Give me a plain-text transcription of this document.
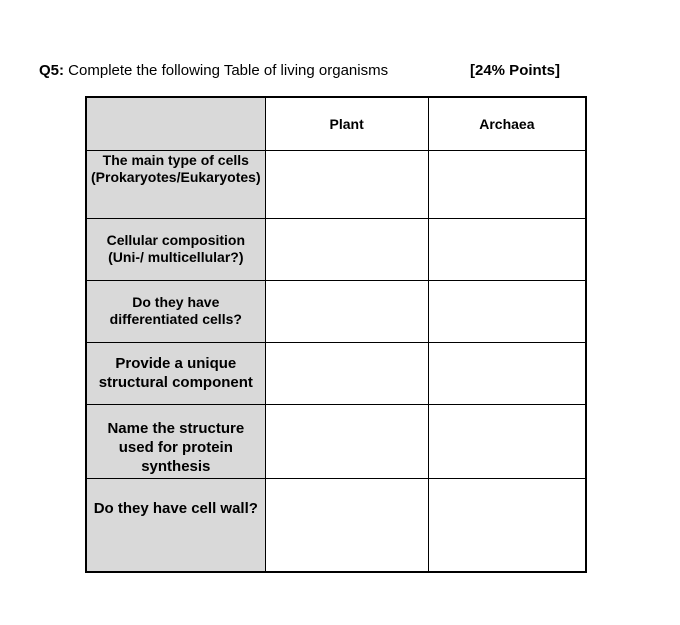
Q5: Complete the following Table of living organisms	[24% Points]
	Plant	Archaea

The main type of cells (Prokaryotes/Eukaryotes)		

Cellular composition (Uni-/ multicellular?)		
Do they have differentiated cells?		
Provide a unique structural component		
Name the structure used for protein synthesis		

Do they have cell wall?		
